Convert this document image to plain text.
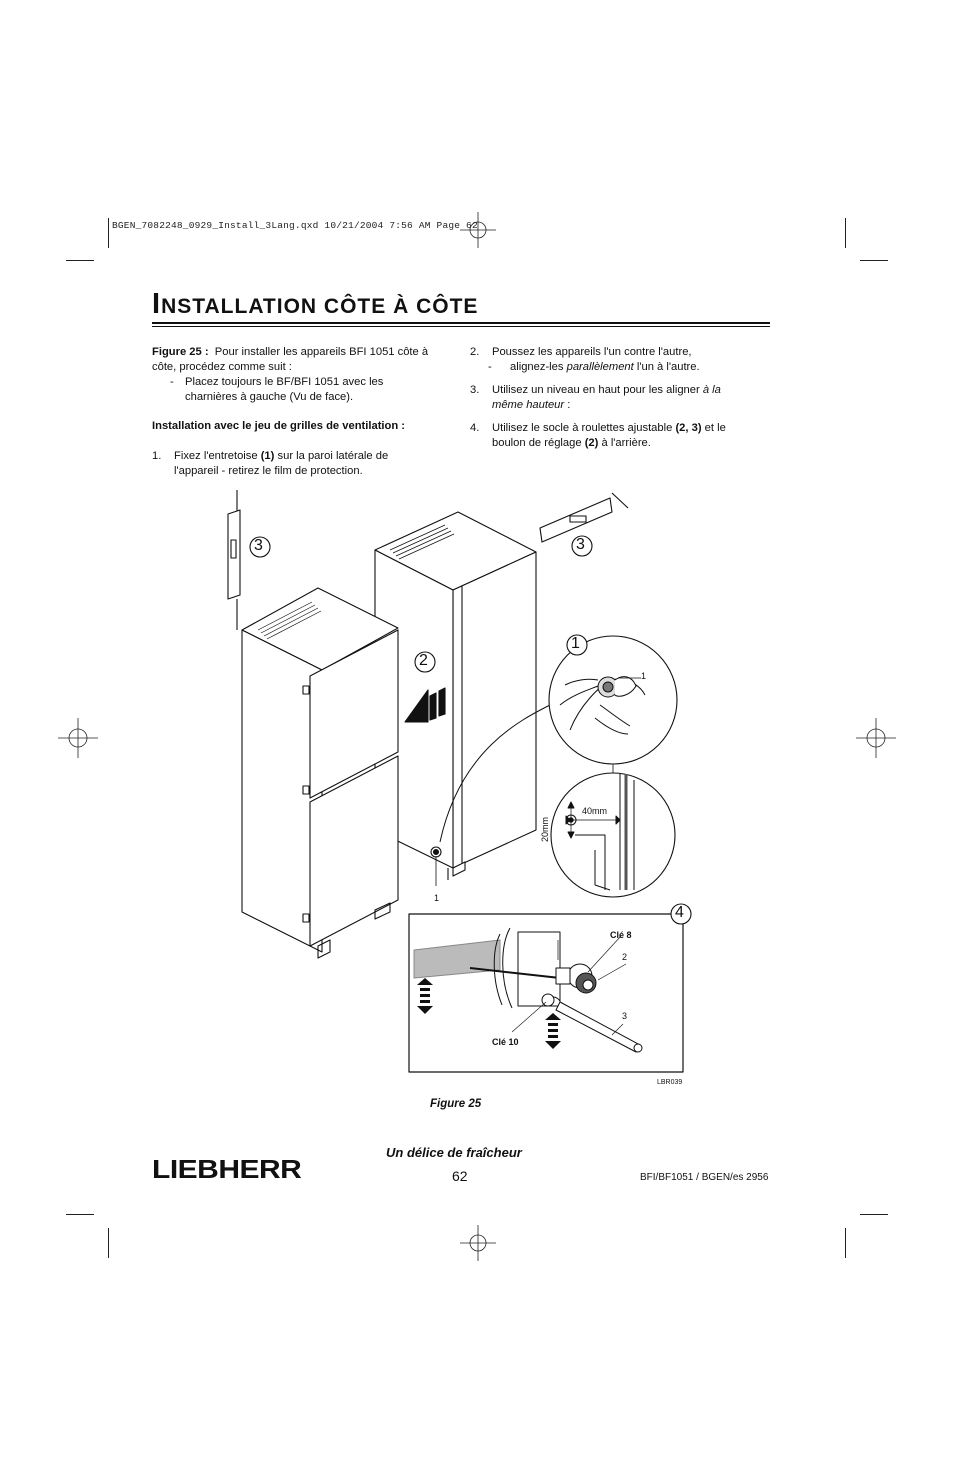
BGEN_7082248_0929_Install_3Lang.qxd 10/21/2004 7:56 AM Page 62
INSTALLATION CÔTE À CÔTE
Figure 25 : Pour installer les appareils BFI 1051 côte à
côte, procédez comme suit :
- Placez toujours le BF/BFI 1051 avec les
charnières à gauche (Vu de face).
Installation avec le jeu de grilles de ventilation :
1. Fixez l'entretoise (1) sur la paroi latérale de
l'appareil - retirez le film de protection.
2. Poussez les appareils l'un contre l'autre,
- alignez-les parallèlement l'un à l'autre.
3. Utilisez un niveau en haut pour les aligner à la
même hauteur :
4. Utilisez le socle à roulettes ajustable (2, 3) et le
boulon de réglage (2) à l'arrière.
3	3
2
1
4
1
1
40mm
20mm
Clé 8
Clé 10
2
3
LBR039
Figure 25
Un délice de fraîcheur
62	BFI/BF1051 / BGEN/es 2956
LIEBHERR
